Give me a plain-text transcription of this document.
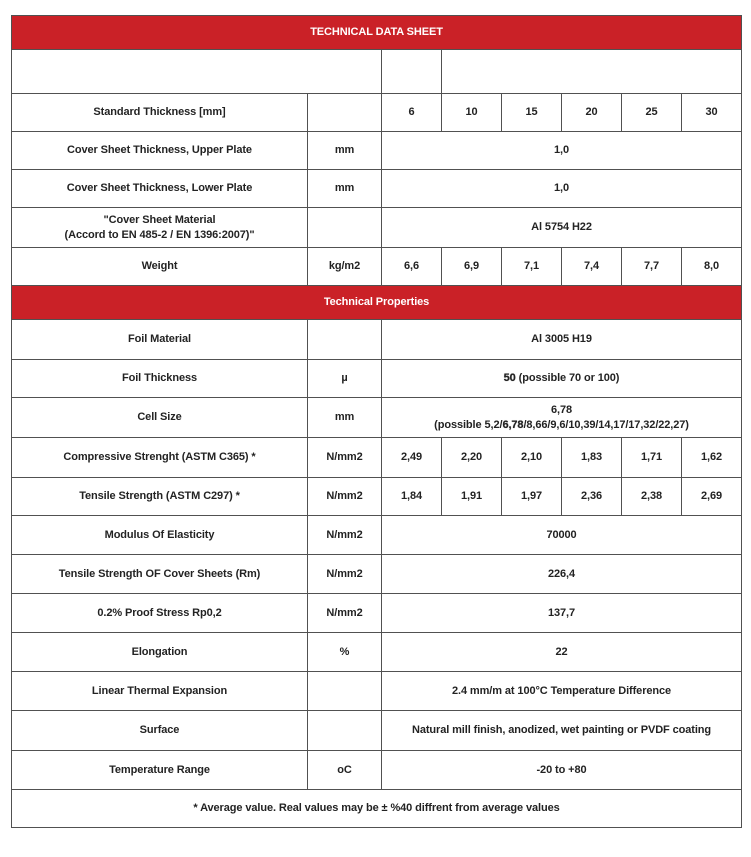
TECHNICAL DATA SHEET							

Standard Thickness [mm]		6	10	15	20	25	30
Cover Sheet Thickness, Upper Plate	mm	1,0					
Cover Sheet Thickness, Lower Plate	mm	1,0					

"Cover Sheet Material
(Accord to EN 485-2 / EN 1396:2007)"		Al 5754 H22					
Weight	kg/m2	6,6	6,9	7,1	7,4	7,7	8,0
Technical Properties							
Foil Material		Al 3005 H19					
Foil Thickness	µ	50 (possible 70 or 100)					
Cell Size	mm	6,78
(possible 5,2/6,78/8,66/9,6/10,39/14,17/17,32/22,27)					

Compressive Strenght (ASTM C365) *	N/mm2	2,49	2,20	2,10	1,83	1,71	1,62
Tensile Strength (ASTM C297) *	N/mm2	1,84	1,91	1,97	2,36	2,38	2,69
Modulus Of Elasticity	N/mm2	70000					
Tensile Strength OF Cover Sheets (Rm)	N/mm2	226,4					
0.2% Proof Stress Rp0,2	N/mm2	137,7					
Elongation	%	22					
Linear Thermal Expansion		2.4 mm/m at 100°C Temperature Difference					
Surface		Natural mill finish, anodized, wet painting or PVDF coating					
Temperature Range	oC	-20 to +80					
* Average value. Real values may be ± %40 diffrent from average values							
